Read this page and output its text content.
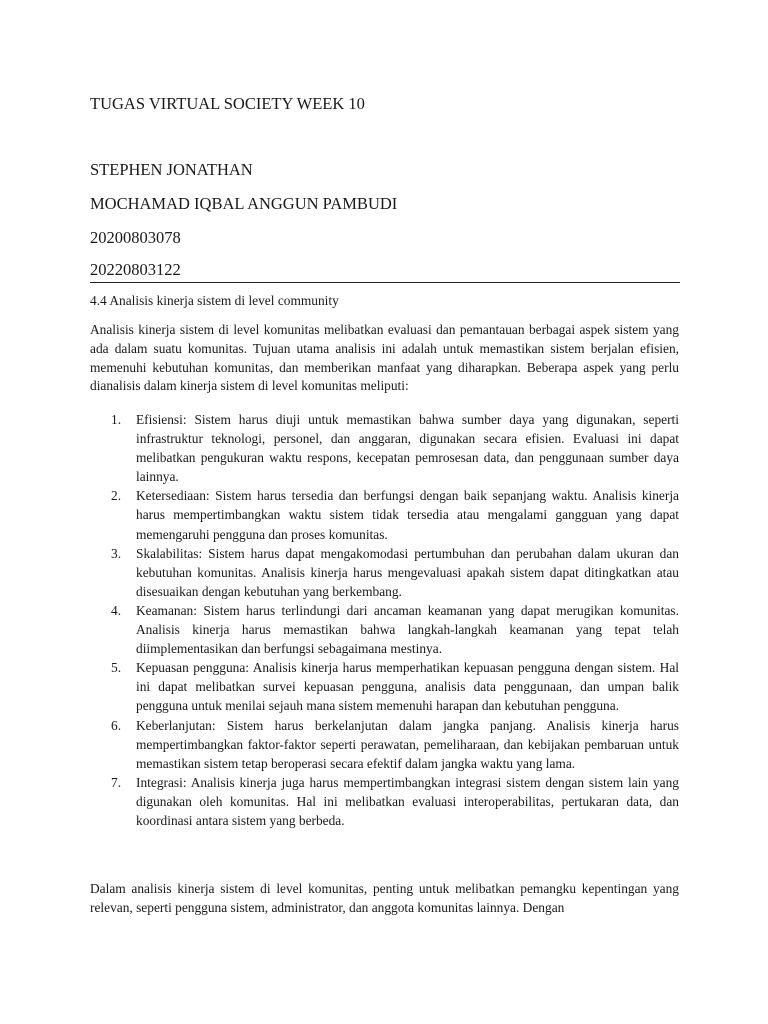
TUGAS VIRTUAL SOCIETY WEEK 10
STEPHEN JONATHAN
MOCHAMAD IQBAL ANGGUN PAMBUDI
20200803078
20220803122
4.4 Analisis kinerja sistem di level community

Analisis kinerja sistem di level komunitas melibatkan evaluasi dan pemantauan berbagai aspek sistem yang ada dalam suatu komunitas. Tujuan utama analisis ini adalah untuk memastikan sistem berjalan efisien, memenuhi kebutuhan komunitas, dan memberikan manfaat yang diharapkan. Beberapa aspek yang perlu dianalisis dalam kinerja sistem di level komunitas meliputi:

1. Efisiensi: Sistem harus diuji untuk memastikan bahwa sumber daya yang digunakan, seperti infrastruktur teknologi, personel, dan anggaran, digunakan secara efisien. Evaluasi ini dapat melibatkan pengukuran waktu respons, kecepatan pemrosesan data, dan penggunaan sumber daya lainnya.
2. Ketersediaan: Sistem harus tersedia dan berfungsi dengan baik sepanjang waktu. Analisis kinerja harus mempertimbangkan waktu sistem tidak tersedia atau mengalami gangguan yang dapat memengaruhi pengguna dan proses komunitas.
3. Skalabilitas: Sistem harus dapat mengakomodasi pertumbuhan dan perubahan dalam ukuran dan kebutuhan komunitas. Analisis kinerja harus mengevaluasi apakah sistem dapat ditingkatkan atau disesuaikan dengan kebutuhan yang berkembang.
4. Keamanan: Sistem harus terlindungi dari ancaman keamanan yang dapat merugikan komunitas. Analisis kinerja harus memastikan bahwa langkah-langkah keamanan yang tepat telah diimplementasikan dan berfungsi sebagaimana mestinya.
5. Kepuasan pengguna: Analisis kinerja harus memperhatikan kepuasan pengguna dengan sistem. Hal ini dapat melibatkan survei kepuasan pengguna, analisis data penggunaan, dan umpan balik pengguna untuk menilai sejauh mana sistem memenuhi harapan dan kebutuhan pengguna.
6. Keberlanjutan: Sistem harus berkelanjutan dalam jangka panjang. Analisis kinerja harus mempertimbangkan faktor-faktor seperti perawatan, pemeliharaan, dan kebijakan pembaruan untuk memastikan sistem tetap beroperasi secara efektif dalam jangka waktu yang lama.
7. Integrasi: Analisis kinerja juga harus mempertimbangkan integrasi sistem dengan sistem lain yang digunakan oleh komunitas. Hal ini melibatkan evaluasi interoperabilitas, pertukaran data, dan koordinasi antara sistem yang berbeda.

Dalam analisis kinerja sistem di level komunitas, penting untuk melibatkan pemangku kepentingan yang relevan, seperti pengguna sistem, administrator, dan anggota komunitas lainnya. Dengan
